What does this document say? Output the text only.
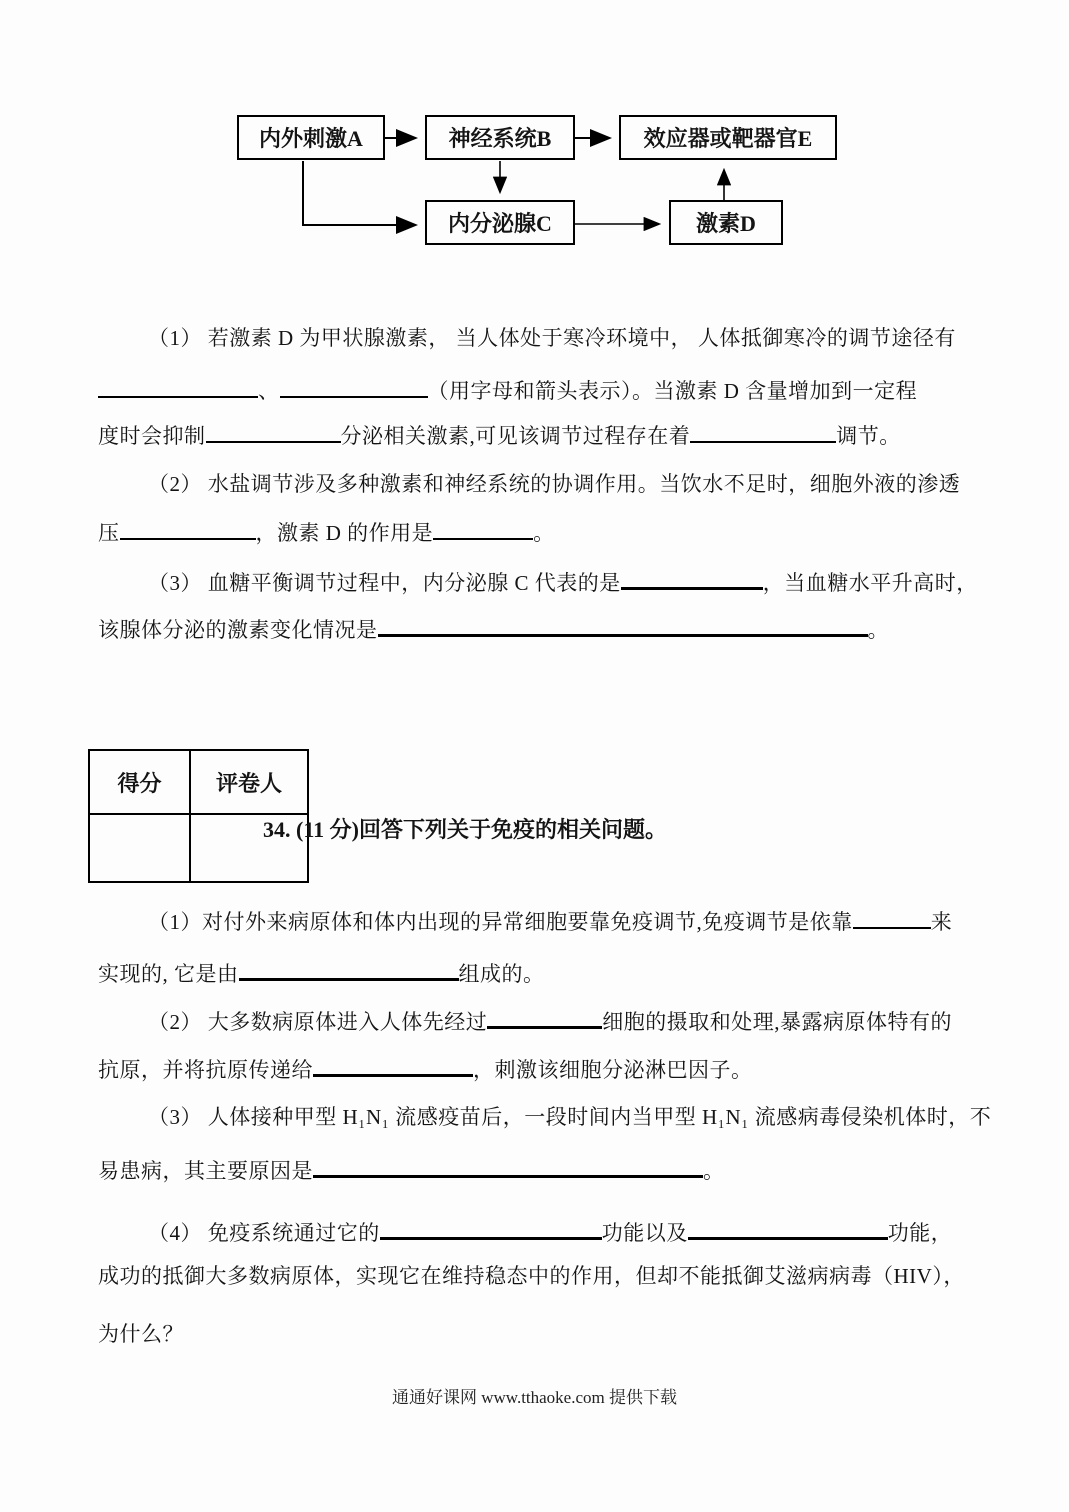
内外刺激A	神经系统B	效应器或靶器官E
内分泌腺C	激素D
（1） 若激素 D 为甲状腺激素， 当人体处于寒冷环境中， 人体抵御寒冷的调节途径有
、	（用字母和箭头表示）。当激素 D 含量增加到一定程
度时会抑制	分泌相关激素,可见该调节过程存在着	调节。
（2） 水盐调节涉及多种激素和神经系统的协调作用。当饮水不足时，细胞外液的渗透
压	，激素 D 的作用是	。
（3） 血糖平衡调节过程中，内分泌腺 C 代表的是	，当血糖水平升高时，
该腺体分泌的激素变化情况是	。
得分	评卷人

34. (11 分)回答下列关于免疫的相关问题。
（1）对付外来病原体和体内出现的异常细胞要靠免疫调节,免疫调节是依靠	来
实现的, 它是由	组成的。
（2） 大多数病原体进入人体先经过	细胞的摄取和处理,暴露病原体特有的
抗原，并将抗原传递给	，刺激该细胞分泌淋巴因子。
（3） 人体接种甲型 H₁N₁ 流感疫苗后，一段时间内当甲型 H₁N₁ 流感病毒侵染机体时，不
易患病，其主要原因是	。
（4） 免疫系统通过它的	功能以及	功能，
成功的抵御大多数病原体，实现它在维持稳态中的作用，但却不能抵御艾滋病病毒（HIV），
为什么？
通通好课网 www.tthaoke.com 提供下载
